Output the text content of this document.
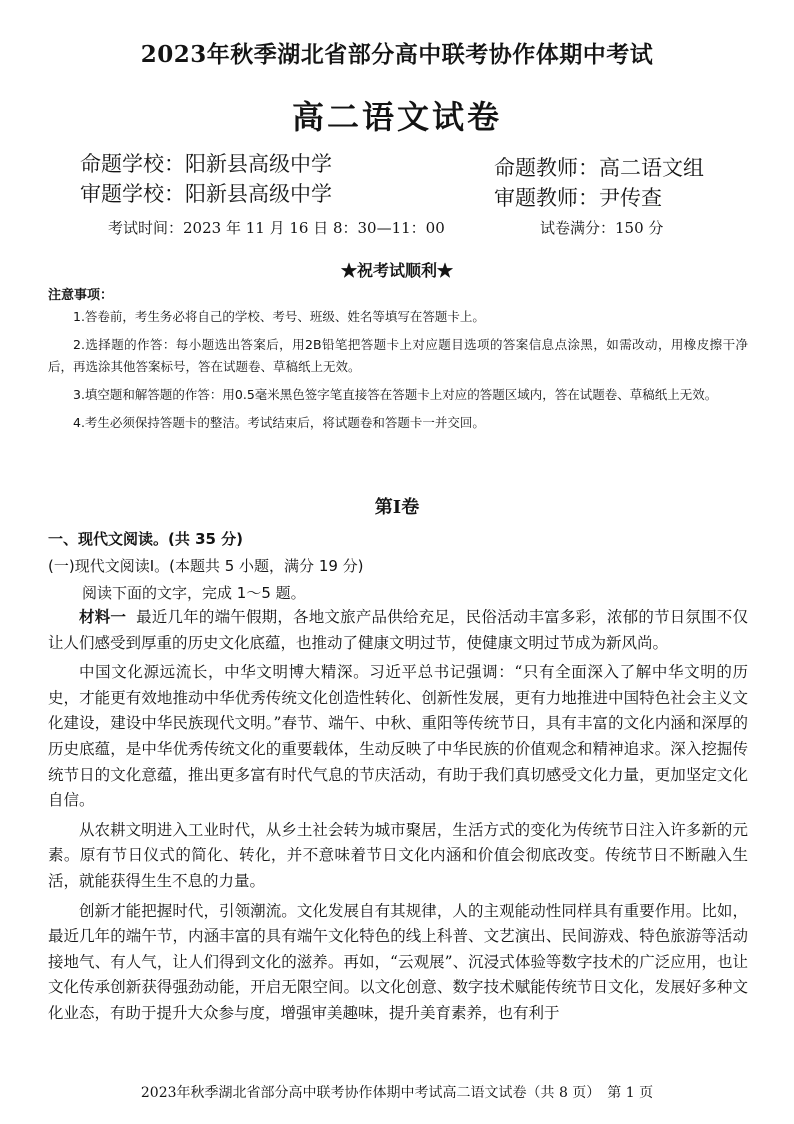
2023年秋季湖北省部分高中联考协作体期中考试
高二语文试卷
命题学校：阳新县高级中学	命题教师：高二语文组
审题学校：阳新县高级中学	审题教师：尹传查
考试时间：2023 年 11 月 16 日 8：30—11：00	试卷满分：150 分
★祝考试顺利★
注意事项：

1.答卷前，考生务必将自己的学校、考号、班级、姓名等填写在答题卡上。

2.选择题的作答：每小题选出答案后，用2B铅笔把答题卡上对应题目选项的答案信息点涂黑，如需改动，用橡皮擦干净后，再选涂其他答案标号，答在试题卷、草稿纸上无效。

3.填空题和解答题的作答：用0.5毫米黑色签字笔直接答在答题卡上对应的答题区域内，答在试题卷、草稿纸上无效。

4.考生必须保持答题卡的整洁。考试结束后，将试题卷和答题卡一并交回。

第Ⅰ卷
一、现代文阅读。(共 35 分)
(一)现代文阅读Ⅰ。(本题共 5 小题，满分 19 分)
阅读下面的文字，完成 1～5 题。

材料一 最近几年的端午假期，各地文旅产品供给充足，民俗活动丰富多彩，浓郁的节日氛围不仅让人们感受到厚重的历史文化底蕴，也推动了健康文明过节，使健康文明过节成为新风尚。

中国文化源远流长，中华文明博大精深。习近平总书记强调：“只有全面深入了解中华文明的历史，才能更有效地推动中华优秀传统文化创造性转化、创新性发展，更有力地推进中国特色社会主义文化建设，建设中华民族现代文明。”春节、端午、中秋、重阳等传统节日，具有丰富的文化内涵和深厚的历史底蕴，是中华优秀传统文化的重要载体，生动反映了中华民族的价值观念和精神追求。深入挖掘传统节日的文化意蕴，推出更多富有时代气息的节庆活动，有助于我们真切感受文化力量，更加坚定文化自信。

从农耕文明进入工业时代，从乡土社会转为城市聚居，生活方式的变化为传统节日注入许多新的元素。原有节日仪式的简化、转化，并不意味着节日文化内涵和价值会彻底改变。传统节日不断融入生活，就能获得生生不息的力量。

创新才能把握时代，引领潮流。文化发展自有其规律，人的主观能动性同样具有重要作用。比如，最近几年的端午节，内涵丰富的具有端午文化特色的线上科普、文艺演出、民间游戏、特色旅游等活动接地气、有人气，让人们得到文化的滋养。再如，“云观展”、沉浸式体验等数字技术的广泛应用，也让文化传承创新获得强劲动能，开启无限空间。以文化创意、数字技术赋能传统节日文化，发展好多种文化业态，有助于提升大众参与度，增强审美趣味，提升美育素养，也有利于

2023年秋季湖北省部分高中联考协作体期中考试高二语文试卷（共 8 页）　第 1 页
